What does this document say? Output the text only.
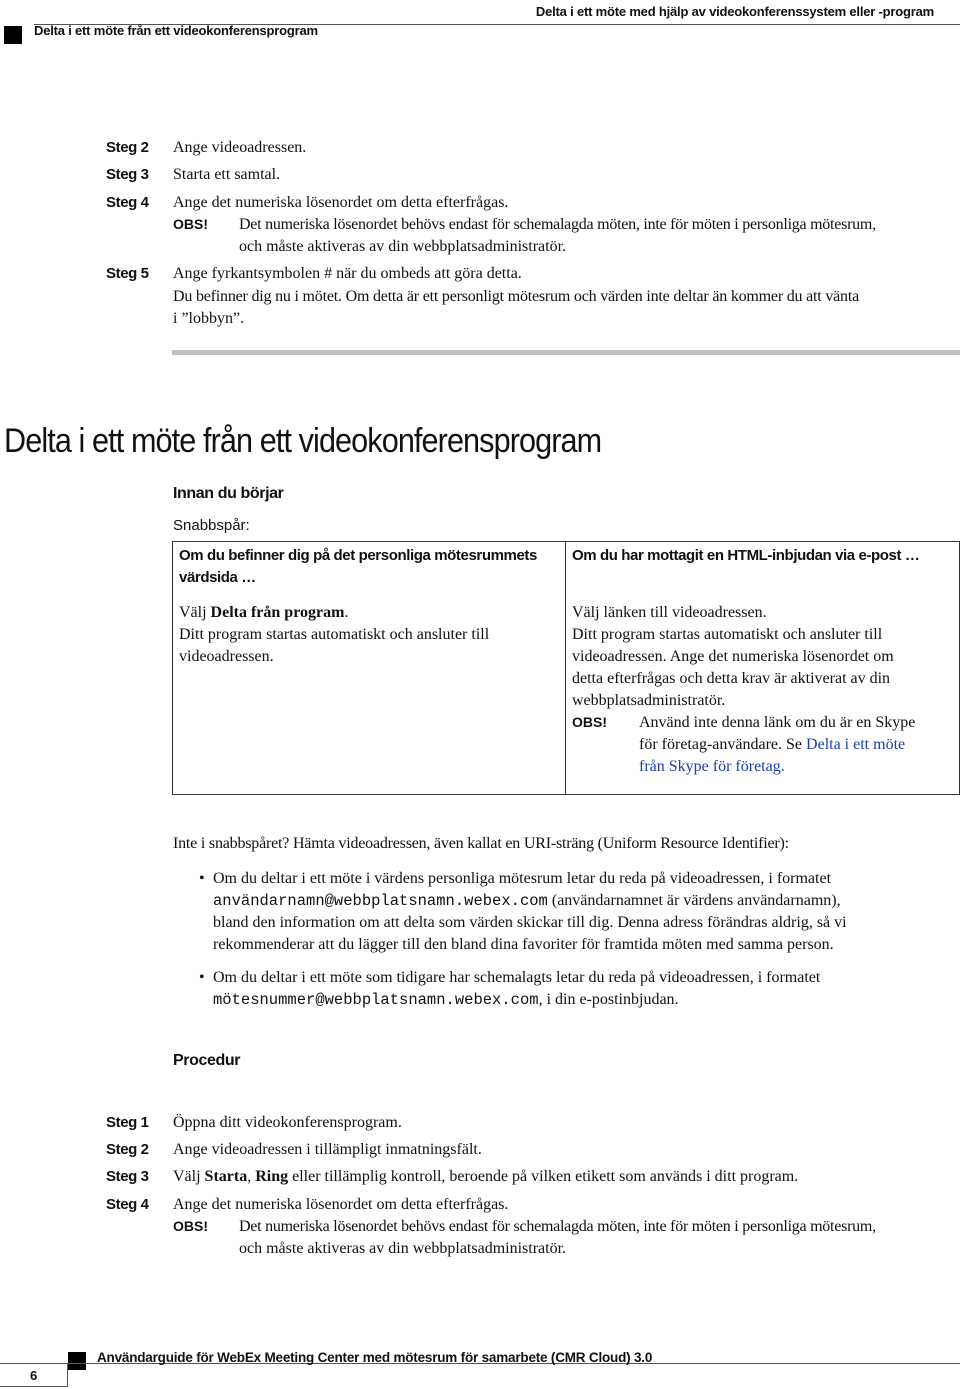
Delta i ett möte från ett videokonferensprogram
Delta i ett möte med hjälp av videokonferenssystem eller -program
Steg 2 Ange videoadressen.
Steg 3 Starta ett samtal.
Steg 4 Ange det numeriska lösenordet om detta efterfrågas.
OBS! Det numeriska lösenordet behövs endast för schemalagda möten, inte för möten i personliga mötesrum,
och måste aktiveras av din webbplatsadministratör.
Steg 5 Ange fyrkantsymbolen # när du ombeds att göra detta.
Du befinner dig nu i mötet. Om detta är ett personligt mötesrum och värden inte deltar än kommer du att vänta
i ”lobbyn”.
Delta i ett möte från ett videokonferensprogram
Innan du börjar
Snabbspår:
Om du befinner dig på det personliga mötesrummets
värdsida …
Om du har mottagit en HTML-inbjudan via e-post …
Välj Delta från program.
Ditt program startas automatiskt och ansluter till
videoadressen.
Välj länken till videoadressen.
Ditt program startas automatiskt och ansluter till
videoadressen. Ange det numeriska lösenordet om
detta efterfrågas och detta krav är aktiverat av din
webbplatsadministratör.
OBS! Använd inte denna länk om du är en Skype
för företag-användare. Se Delta i ett möte
från Skype för företag.
Inte i snabbspåret? Hämta videoadressen, även kallat en URI-sträng (Uniform Resource Identifier):
• Om du deltar i ett möte i värdens personliga mötesrum letar du reda på videoadressen, i formatet
användarnamn@webbplatsnamn.webex.com (användarnamnet är värdens användarnamn),
bland den information om att delta som värden skickar till dig. Denna adress förändras aldrig, så vi
rekommenderar att du lägger till den bland dina favoriter för framtida möten med samma person.
• Om du deltar i ett möte som tidigare har schemalagts letar du reda på videoadressen, i formatet
mötesnummer@webbplatsnamn.webex.com, i din e-postinbjudan.
Procedur
Steg 1 Öppna ditt videokonferensprogram.
Steg 2 Ange videoadressen i tillämpligt inmatningsfält.
Steg 3 Välj Starta, Ring eller tillämplig kontroll, beroende på vilken etikett som används i ditt program.
Steg 4 Ange det numeriska lösenordet om detta efterfrågas.
OBS! Det numeriska lösenordet behövs endast för schemalagda möten, inte för möten i personliga mötesrum,
och måste aktiveras av din webbplatsadministratör.
6
Användarguide för WebEx Meeting Center med mötesrum för samarbete (CMR Cloud) 3.0
